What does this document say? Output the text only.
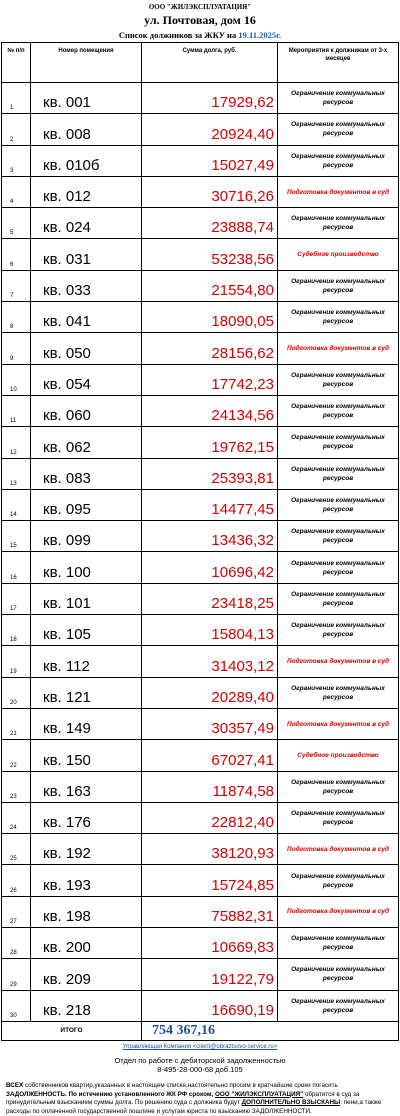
ООО "ЖИЛЭКСПЛУАТАЦИЯ"
ул. Почтовая, дом 16
Список должников за ЖКУ на 19.11.2025г.
№ п/п	Номер помещения	Сумма долга, руб.	Мероприятия к должникам от 3-х месяцев
1	кв. 001	17929,62	Ограничение коммунальных ресурсов
2	кв. 008	20924,40	Ограничение коммунальных ресурсов
3	кв. 010б	15027,49	Ограничение коммунальных ресурсов
4	кв. 012	30716,26	Подготовка документов в суд
5	кв. 024	23888,74	Ограничение коммунальных ресурсов
6	кв. 031	53238,56	Судебное производство
7	кв. 033	21554,80	Ограничение коммунальных ресурсов
8	кв. 041	18090,05	Ограничение коммунальных ресурсов
9	кв. 050	28156,62	Подготовка документов в суд
10	кв. 054	17742,23	Ограничение коммунальных ресурсов
11	кв. 060	24134,56	Ограничение коммунальных ресурсов
12	кв. 062	19762,15	Ограничение коммунальных ресурсов
13	кв. 083	25393,81	Ограничение коммунальных ресурсов
14	кв. 095	14477,45	Ограничение коммунальных ресурсов
15	кв. 099	13436,32	Ограничение коммунальных ресурсов
16	кв. 100	10696,42	Ограничение коммунальных ресурсов
17	кв. 101	23418,25	Ограничение коммунальных ресурсов
18	кв. 105	15804,13	Ограничение коммунальных ресурсов
19	кв. 112	31403,12	Подготовка документов в суд
20	кв. 121	20289,40	Ограничение коммунальных ресурсов
21	кв. 149	30357,49	Подготовка документов в суд
22	кв. 150	67027,41	Судебное производство
23	кв. 163	11874,58	Ограничение коммунальных ресурсов
24	кв. 176	22812,40	Ограничение коммунальных ресурсов
25	кв. 192	38120,93	Подготовка документов в суд
26	кв. 193	15724,85	Ограничение коммунальных ресурсов
27	кв. 198	75882,31	Подготовка документов в суд
28	кв. 200	10669,83	Ограничение коммунальных ресурсов
29	кв. 209	19122,79	Ограничение коммунальных ресурсов
30	кв. 218	16690,19	Ограничение коммунальных ресурсов
ИТОГО		754 367,16	
Управляющая Компания <client@obraztsovo-service.ru>
Отдел по работе с дебиторской задолженностью
8-495-28-000-68 доб.105
ВСЕХ собственников квартир,указанных в настоящем списке,настоятельно просим в кратчайшие сроки погасить ЗАДОЛЖЕННОСТЬ. По истечению установленного ЖК РФ сроком, ООО "ЖИЛЭКСПЛУАТАЦИЯ" обратится в суд за принудительным взысканием суммы долга. По решению суда с должника будут ДОПОЛНИТЕЛЬНО ВЗЫСКАНЫ: пени,а также расходы по оплаченной государственной пошлине и услугам юриста по взысканию ЗАДОЛЖЕННОСТИ.
